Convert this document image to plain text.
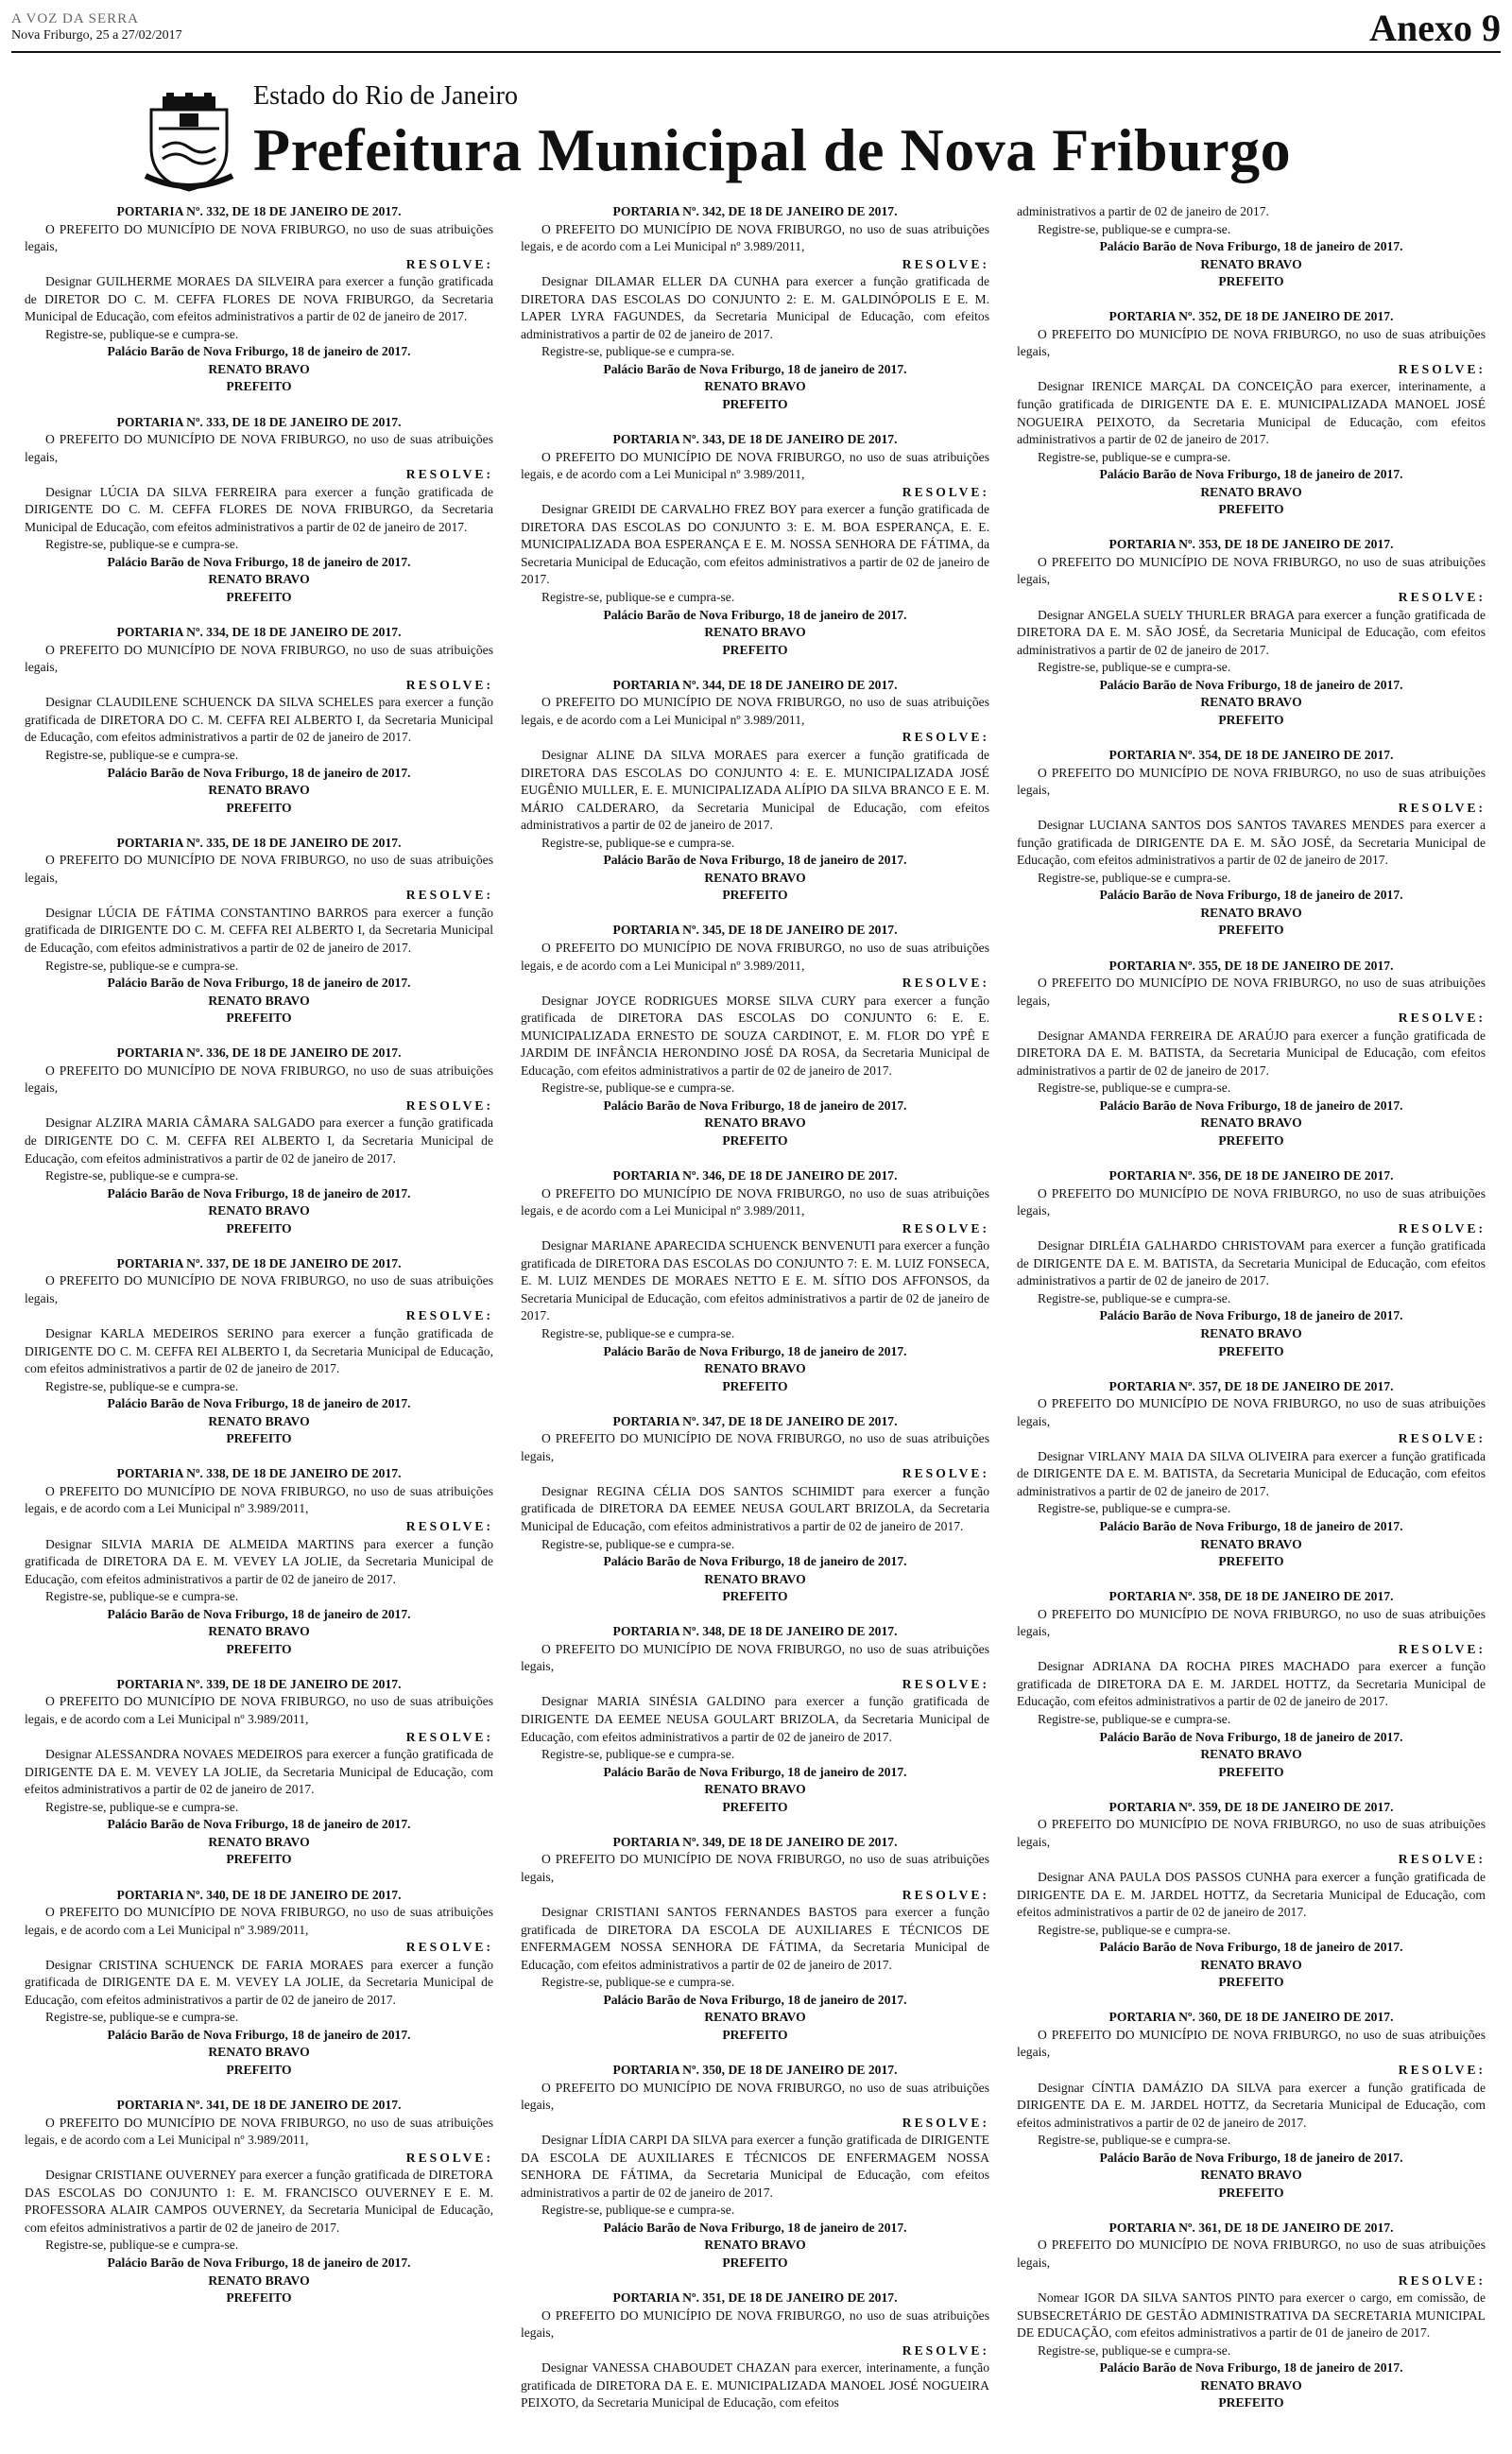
A VOZ DA SERRA
Nova Friburgo, 25 a 27/02/2017	Anexo 9
Estado do Rio de Janeiro
Prefeitura Municipal de Nova Friburgo
PORTARIA Nº. 332, DE 18 DE JANEIRO DE 2017.
O PREFEITO DO MUNICÍPIO DE NOVA FRIBURGO, no uso de suas atribuições legais,
RESOLVE:
Designar GUILHERME MORAES DA SILVEIRA para exercer a função gratificada de DIRETOR DO C. M. CEFFA FLORES DE NOVA FRIBURGO, da Secretaria Municipal de Educação, com efeitos administrativos a partir de 02 de janeiro de 2017.
Registre-se, publique-se e cumpra-se.
Palácio Barão de Nova Friburgo, 18 de janeiro de 2017.
RENATO BRAVO
PREFEITO
PORTARIA Nº. 333, DE 18 DE JANEIRO DE 2017.
O PREFEITO DO MUNICÍPIO DE NOVA FRIBURGO, no uso de suas atribuições legais,
RESOLVE:
Designar LÚCIA DA SILVA FERREIRA para exercer a função gratificada de DIRIGENTE DO C. M. CEFFA FLORES DE NOVA FRIBURGO, da Secretaria Municipal de Educação, com efeitos administrativos a partir de 02 de janeiro de 2017.
Registre-se, publique-se e cumpra-se.
Palácio Barão de Nova Friburgo, 18 de janeiro de 2017.
RENATO BRAVO
PREFEITO
PORTARIA Nº. 334, DE 18 DE JANEIRO DE 2017.
O PREFEITO DO MUNICÍPIO DE NOVA FRIBURGO, no uso de suas atribuições legais,
RESOLVE:
Designar CLAUDILENE SCHUENCK DA SILVA SCHELES para exercer a função gratificada de DIRETORA DO C. M. CEFFA REI ALBERTO I, da Secretaria Municipal de Educação, com efeitos administrativos a partir de 02 de janeiro de 2017.
Registre-se, publique-se e cumpra-se.
Palácio Barão de Nova Friburgo, 18 de janeiro de 2017.
RENATO BRAVO
PREFEITO
PORTARIA Nº. 335, DE 18 DE JANEIRO DE 2017.
O PREFEITO DO MUNICÍPIO DE NOVA FRIBURGO, no uso de suas atribuições legais,
RESOLVE:
Designar LÚCIA DE FÁTIMA CONSTANTINO BARROS para exercer a função gratificada de DIRIGENTE DO C. M. CEFFA REI ALBERTO I, da Secretaria Municipal de Educação, com efeitos administrativos a partir de 02 de janeiro de 2017.
Registre-se, publique-se e cumpra-se.
Palácio Barão de Nova Friburgo, 18 de janeiro de 2017.
RENATO BRAVO
PREFEITO
PORTARIA Nº. 336, DE 18 DE JANEIRO DE 2017.
O PREFEITO DO MUNICÍPIO DE NOVA FRIBURGO, no uso de suas atribuições legais,
RESOLVE:
Designar ALZIRA MARIA CÂMARA SALGADO para exercer a função gratificada de DIRIGENTE DO C. M. CEFFA REI ALBERTO I, da Secretaria Municipal de Educação, com efeitos administrativos a partir de 02 de janeiro de 2017.
Registre-se, publique-se e cumpra-se.
Palácio Barão de Nova Friburgo, 18 de janeiro de 2017.
RENATO BRAVO
PREFEITO
PORTARIA Nº. 337, DE 18 DE JANEIRO DE 2017.
O PREFEITO DO MUNICÍPIO DE NOVA FRIBURGO, no uso de suas atribuições legais,
RESOLVE:
Designar KARLA MEDEIROS SERINO para exercer a função gratificada de DIRIGENTE DO C. M. CEFFA REI ALBERTO I, da Secretaria Municipal de Educação, com efeitos administrativos a partir de 02 de janeiro de 2017.
Registre-se, publique-se e cumpra-se.
Palácio Barão de Nova Friburgo, 18 de janeiro de 2017.
RENATO BRAVO
PREFEITO
PORTARIA Nº. 338, DE 18 DE JANEIRO DE 2017.
O PREFEITO DO MUNICÍPIO DE NOVA FRIBURGO, no uso de suas atribuições legais, e de acordo com a Lei Municipal nº 3.989/2011,
RESOLVE:
Designar SILVIA MARIA DE ALMEIDA MARTINS para exercer a função gratificada de DIRETORA DA E. M. VEVEY LA JOLIE, da Secretaria Municipal de Educação, com efeitos administrativos a partir de 02 de janeiro de 2017.
Registre-se, publique-se e cumpra-se.
Palácio Barão de Nova Friburgo, 18 de janeiro de 2017.
RENATO BRAVO
PREFEITO
PORTARIA Nº. 339, DE 18 DE JANEIRO DE 2017.
O PREFEITO DO MUNICÍPIO DE NOVA FRIBURGO, no uso de suas atribuições legais, e de acordo com a Lei Municipal nº 3.989/2011,
RESOLVE:
Designar ALESSANDRA NOVAES MEDEIROS para exercer a função gratificada de DIRIGENTE DA E. M. VEVEY LA JOLIE, da Secretaria Municipal de Educação, com efeitos administrativos a partir de 02 de janeiro de 2017.
Registre-se, publique-se e cumpra-se.
Palácio Barão de Nova Friburgo, 18 de janeiro de 2017.
RENATO BRAVO
PREFEITO
PORTARIA Nº. 340, DE 18 DE JANEIRO DE 2017.
O PREFEITO DO MUNICÍPIO DE NOVA FRIBURGO, no uso de suas atribuições legais, e de acordo com a Lei Municipal nº 3.989/2011,
RESOLVE:
Designar CRISTINA SCHUENCK DE FARIA MORAES para exercer a função gratificada de DIRIGENTE DA E. M. VEVEY LA JOLIE, da Secretaria Municipal de Educação, com efeitos administrativos a partir de 02 de janeiro de 2017.
Registre-se, publique-se e cumpra-se.
Palácio Barão de Nova Friburgo, 18 de janeiro de 2017.
RENATO BRAVO
PREFEITO
PORTARIA Nº. 341, DE 18 DE JANEIRO DE 2017.
O PREFEITO DO MUNICÍPIO DE NOVA FRIBURGO, no uso de suas atribuições legais, e de acordo com a Lei Municipal nº 3.989/2011,
RESOLVE:
Designar CRISTIANE OUVERNEY para exercer a função gratificada de DIRETORA DAS ESCOLAS DO CONJUNTO 1: E. M. FRANCISCO OUVERNEY E E. M. PROFESSORA ALAIR CAMPOS OUVERNEY, da Secretaria Municipal de Educação, com efeitos administrativos a partir de 02 de janeiro de 2017.
Registre-se, publique-se e cumpra-se.
Palácio Barão de Nova Friburgo, 18 de janeiro de 2017.
RENATO BRAVO
PREFEITO
PORTARIA Nº. 342, DE 18 DE JANEIRO DE 2017.
O PREFEITO DO MUNICÍPIO DE NOVA FRIBURGO, no uso de suas atribuições legais, e de acordo com a Lei Municipal nº 3.989/2011,
RESOLVE:
Designar DILAMAR ELLER DA CUNHA para exercer a função gratificada de DIRETORA DAS ESCOLAS DO CONJUNTO 2: E. M. GALDINÓPOLIS E E. M. LAPER LYRA FAGUNDES, da Secretaria Municipal de Educação, com efeitos administrativos a partir de 02 de janeiro de 2017.
Registre-se, publique-se e cumpra-se.
Palácio Barão de Nova Friburgo, 18 de janeiro de 2017.
RENATO BRAVO
PREFEITO
PORTARIA Nº. 343, DE 18 DE JANEIRO DE 2017.
O PREFEITO DO MUNICÍPIO DE NOVA FRIBURGO, no uso de suas atribuições legais, e de acordo com a Lei Municipal nº 3.989/2011,
RESOLVE:
Designar GREIDI DE CARVALHO FREZ BOY para exercer a função gratificada de DIRETORA DAS ESCOLAS DO CONJUNTO 3: E. M. BOA ESPERANÇA, E. E. MUNICIPALIZADA BOA ESPERANÇA E E. M. NOSSA SENHORA DE FÁTIMA, da Secretaria Municipal de Educação, com efeitos administrativos a partir de 02 de janeiro de 2017.
Registre-se, publique-se e cumpra-se.
Palácio Barão de Nova Friburgo, 18 de janeiro de 2017.
RENATO BRAVO
PREFEITO
PORTARIA Nº. 344, DE 18 DE JANEIRO DE 2017.
O PREFEITO DO MUNICÍPIO DE NOVA FRIBURGO, no uso de suas atribuições legais, e de acordo com a Lei Municipal nº 3.989/2011,
RESOLVE:
Designar ALINE DA SILVA MORAES para exercer a função gratificada de DIRETORA DAS ESCOLAS DO CONJUNTO 4: E. E. MUNICIPALIZADA JOSÉ EUGÊNIO MULLER, E. E. MUNICIPALIZADA ALÍPIO DA SILVA BRANCO E E. M. MÁRIO CALDERARO, da Secretaria Municipal de Educação, com efeitos administrativos a partir de 02 de janeiro de 2017.
Registre-se, publique-se e cumpra-se.
Palácio Barão de Nova Friburgo, 18 de janeiro de 2017.
RENATO BRAVO
PREFEITO
PORTARIA Nº. 345, DE 18 DE JANEIRO DE 2017.
O PREFEITO DO MUNICÍPIO DE NOVA FRIBURGO, no uso de suas atribuições legais, e de acordo com a Lei Municipal nº 3.989/2011,
RESOLVE:
Designar JOYCE RODRIGUES MORSE SILVA CURY para exercer a função gratificada de DIRETORA DAS ESCOLAS DO CONJUNTO 6: E. E. MUNICIPALIZADA ERNESTO DE SOUZA CARDINOT, E. M. FLOR DO YPÊ E JARDIM DE INFÂNCIA HERONDINO JOSÉ DA ROSA, da Secretaria Municipal de Educação, com efeitos administrativos a partir de 02 de janeiro de 2017.
Registre-se, publique-se e cumpra-se.
Palácio Barão de Nova Friburgo, 18 de janeiro de 2017.
RENATO BRAVO
PREFEITO
PORTARIA Nº. 346, DE 18 DE JANEIRO DE 2017.
O PREFEITO DO MUNICÍPIO DE NOVA FRIBURGO, no uso de suas atribuições legais, e de acordo com a Lei Municipal nº 3.989/2011,
RESOLVE:
Designar MARIANE APARECIDA SCHUENCK BENVENUTI para exercer a função gratificada de DIRETORA DAS ESCOLAS DO CONJUNTO 7: E. M. LUIZ FONSECA, E. M. LUIZ MENDES DE MORAES NETTO E E. M. SÍTIO DOS AFFONSOS, da Secretaria Municipal de Educação, com efeitos administrativos a partir de 02 de janeiro de 2017.
Registre-se, publique-se e cumpra-se.
Palácio Barão de Nova Friburgo, 18 de janeiro de 2017.
RENATO BRAVO
PREFEITO
PORTARIA Nº. 347, DE 18 DE JANEIRO DE 2017.
O PREFEITO DO MUNICÍPIO DE NOVA FRIBURGO, no uso de suas atribuições legais,
RESOLVE:
Designar REGINA CÉLIA DOS SANTOS SCHIMIDT para exercer a função gratificada de DIRETORA DA EEMEE NEUSA GOULART BRIZOLA, da Secretaria Municipal de Educação, com efeitos administrativos a partir de 02 de janeiro de 2017.
Registre-se, publique-se e cumpra-se.
Palácio Barão de Nova Friburgo, 18 de janeiro de 2017.
RENATO BRAVO
PREFEITO
PORTARIA Nº. 348, DE 18 DE JANEIRO DE 2017.
O PREFEITO DO MUNICÍPIO DE NOVA FRIBURGO, no uso de suas atribuições legais,
RESOLVE:
Designar MARIA SINÉSIA GALDINO para exercer a função gratificada de DIRIGENTE DA EEMEE NEUSA GOULART BRIZOLA, da Secretaria Municipal de Educação, com efeitos administrativos a partir de 02 de janeiro de 2017.
Registre-se, publique-se e cumpra-se.
Palácio Barão de Nova Friburgo, 18 de janeiro de 2017.
RENATO BRAVO
PREFEITO
PORTARIA Nº. 349, DE 18 DE JANEIRO DE 2017.
O PREFEITO DO MUNICÍPIO DE NOVA FRIBURGO, no uso de suas atribuições legais,
RESOLVE:
Designar CRISTIANI SANTOS FERNANDES BASTOS para exercer a função gratificada de DIRETORA DA ESCOLA DE AUXILIARES E TÉCNICOS DE ENFERMAGEM NOSSA SENHORA DE FÁTIMA, da Secretaria Municipal de Educação, com efeitos administrativos a partir de 02 de janeiro de 2017.
Registre-se, publique-se e cumpra-se.
Palácio Barão de Nova Friburgo, 18 de janeiro de 2017.
RENATO BRAVO
PREFEITO
PORTARIA Nº. 350, DE 18 DE JANEIRO DE 2017.
O PREFEITO DO MUNICÍPIO DE NOVA FRIBURGO, no uso de suas atribuições legais,
RESOLVE:
Designar LÍDIA CARPI DA SILVA para exercer a função gratificada de DIRIGENTE DA ESCOLA DE AUXILIARES E TÉCNICOS DE ENFERMAGEM NOSSA SENHORA DE FÁTIMA, da Secretaria Municipal de Educação, com efeitos administrativos a partir de 02 de janeiro de 2017.
Registre-se, publique-se e cumpra-se.
Palácio Barão de Nova Friburgo, 18 de janeiro de 2017.
RENATO BRAVO
PREFEITO
PORTARIA Nº. 351, DE 18 DE JANEIRO DE 2017.
O PREFEITO DO MUNICÍPIO DE NOVA FRIBURGO, no uso de suas atribuições legais,
RESOLVE:
Designar VANESSA CHABOUDET CHAZAN para exercer, interinamente, a função gratificada de DIRETORA DA E. E. MUNICIPALIZADA MANOEL JOSÉ NOGUEIRA PEIXOTO, da Secretaria Municipal de Educação, com efeitos
administrativos a partir de 02 de janeiro de 2017.
Registre-se, publique-se e cumpra-se.
Palácio Barão de Nova Friburgo, 18 de janeiro de 2017.
RENATO BRAVO
PREFEITO
PORTARIA Nº. 352, DE 18 DE JANEIRO DE 2017.
O PREFEITO DO MUNICÍPIO DE NOVA FRIBURGO, no uso de suas atribuições legais,
RESOLVE:
Designar IRENICE MARÇAL DA CONCEIÇÃO para exercer, interinamente, a função gratificada de DIRIGENTE DA E. E. MUNICIPALIZADA MANOEL JOSÉ NOGUEIRA PEIXOTO, da Secretaria Municipal de Educação, com efeitos administrativos a partir de 02 de janeiro de 2017.
Registre-se, publique-se e cumpra-se.
Palácio Barão de Nova Friburgo, 18 de janeiro de 2017.
RENATO BRAVO
PREFEITO
PORTARIA Nº. 353, DE 18 DE JANEIRO DE 2017.
O PREFEITO DO MUNICÍPIO DE NOVA FRIBURGO, no uso de suas atribuições legais,
RESOLVE:
Designar ANGELA SUELY THURLER BRAGA para exercer a função gratificada de DIRETORA DA E. M. SÃO JOSÉ, da Secretaria Municipal de Educação, com efeitos administrativos a partir de 02 de janeiro de 2017.
Registre-se, publique-se e cumpra-se.
Palácio Barão de Nova Friburgo, 18 de janeiro de 2017.
RENATO BRAVO
PREFEITO
PORTARIA Nº. 354, DE 18 DE JANEIRO DE 2017.
O PREFEITO DO MUNICÍPIO DE NOVA FRIBURGO, no uso de suas atribuições legais,
RESOLVE:
Designar LUCIANA SANTOS DOS SANTOS TAVARES MENDES para exercer a função gratificada de DIRIGENTE DA E. M. SÃO JOSÉ, da Secretaria Municipal de Educação, com efeitos administrativos a partir de 02 de janeiro de 2017.
Registre-se, publique-se e cumpra-se.
Palácio Barão de Nova Friburgo, 18 de janeiro de 2017.
RENATO BRAVO
PREFEITO
PORTARIA Nº. 355, DE 18 DE JANEIRO DE 2017.
O PREFEITO DO MUNICÍPIO DE NOVA FRIBURGO, no uso de suas atribuições legais,
RESOLVE:
Designar AMANDA FERREIRA DE ARAÚJO para exercer a função gratificada de DIRETORA DA E. M. BATISTA, da Secretaria Municipal de Educação, com efeitos administrativos a partir de 02 de janeiro de 2017.
Registre-se, publique-se e cumpra-se.
Palácio Barão de Nova Friburgo, 18 de janeiro de 2017.
RENATO BRAVO
PREFEITO
PORTARIA Nº. 356, DE 18 DE JANEIRO DE 2017.
O PREFEITO DO MUNICÍPIO DE NOVA FRIBURGO, no uso de suas atribuições legais,
RESOLVE:
Designar DIRLÉIA GALHARDO CHRISTOVAM para exercer a função gratificada de DIRIGENTE DA E. M. BATISTA, da Secretaria Municipal de Educação, com efeitos administrativos a partir de 02 de janeiro de 2017.
Registre-se, publique-se e cumpra-se.
Palácio Barão de Nova Friburgo, 18 de janeiro de 2017.
RENATO BRAVO
PREFEITO
PORTARIA Nº. 357, DE 18 DE JANEIRO DE 2017.
O PREFEITO DO MUNICÍPIO DE NOVA FRIBURGO, no uso de suas atribuições legais,
RESOLVE:
Designar VIRLANY MAIA DA SILVA OLIVEIRA para exercer a função gratificada de DIRIGENTE DA E. M. BATISTA, da Secretaria Municipal de Educação, com efeitos administrativos a partir de 02 de janeiro de 2017.
Registre-se, publique-se e cumpra-se.
Palácio Barão de Nova Friburgo, 18 de janeiro de 2017.
RENATO BRAVO
PREFEITO
PORTARIA Nº. 358, DE 18 DE JANEIRO DE 2017.
O PREFEITO DO MUNICÍPIO DE NOVA FRIBURGO, no uso de suas atribuições legais,
RESOLVE:
Designar ADRIANA DA ROCHA PIRES MACHADO para exercer a função gratificada de DIRETORA DA E. M. JARDEL HOTTZ, da Secretaria Municipal de Educação, com efeitos administrativos a partir de 02 de janeiro de 2017.
Registre-se, publique-se e cumpra-se.
Palácio Barão de Nova Friburgo, 18 de janeiro de 2017.
RENATO BRAVO
PREFEITO
PORTARIA Nº. 359, DE 18 DE JANEIRO DE 2017.
O PREFEITO DO MUNICÍPIO DE NOVA FRIBURGO, no uso de suas atribuições legais,
RESOLVE:
Designar ANA PAULA DOS PASSOS CUNHA para exercer a função gratificada de DIRIGENTE DA E. M. JARDEL HOTTZ, da Secretaria Municipal de Educação, com efeitos administrativos a partir de 02 de janeiro de 2017.
Registre-se, publique-se e cumpra-se.
Palácio Barão de Nova Friburgo, 18 de janeiro de 2017.
RENATO BRAVO
PREFEITO
PORTARIA Nº. 360, DE 18 DE JANEIRO DE 2017.
O PREFEITO DO MUNICÍPIO DE NOVA FRIBURGO, no uso de suas atribuições legais,
RESOLVE:
Designar CÍNTIA DAMÁZIO DA SILVA para exercer a função gratificada de DIRIGENTE DA E. M. JARDEL HOTTZ, da Secretaria Municipal de Educação, com efeitos administrativos a partir de 02 de janeiro de 2017.
Registre-se, publique-se e cumpra-se.
Palácio Barão de Nova Friburgo, 18 de janeiro de 2017.
RENATO BRAVO
PREFEITO
PORTARIA Nº. 361, DE 18 DE JANEIRO DE 2017.
O PREFEITO DO MUNICÍPIO DE NOVA FRIBURGO, no uso de suas atribuições legais,
RESOLVE:
Nomear IGOR DA SILVA SANTOS PINTO para exercer o cargo, em comissão, de SUBSECRETÁRIO DE GESTÃO ADMINISTRATIVA DA SECRETARIA MUNICIPAL DE EDUCAÇÃO, com efeitos administrativos a partir de 01 de janeiro de 2017.
Registre-se, publique-se e cumpra-se.
Palácio Barão de Nova Friburgo, 18 de janeiro de 2017.
RENATO BRAVO
PREFEITO
